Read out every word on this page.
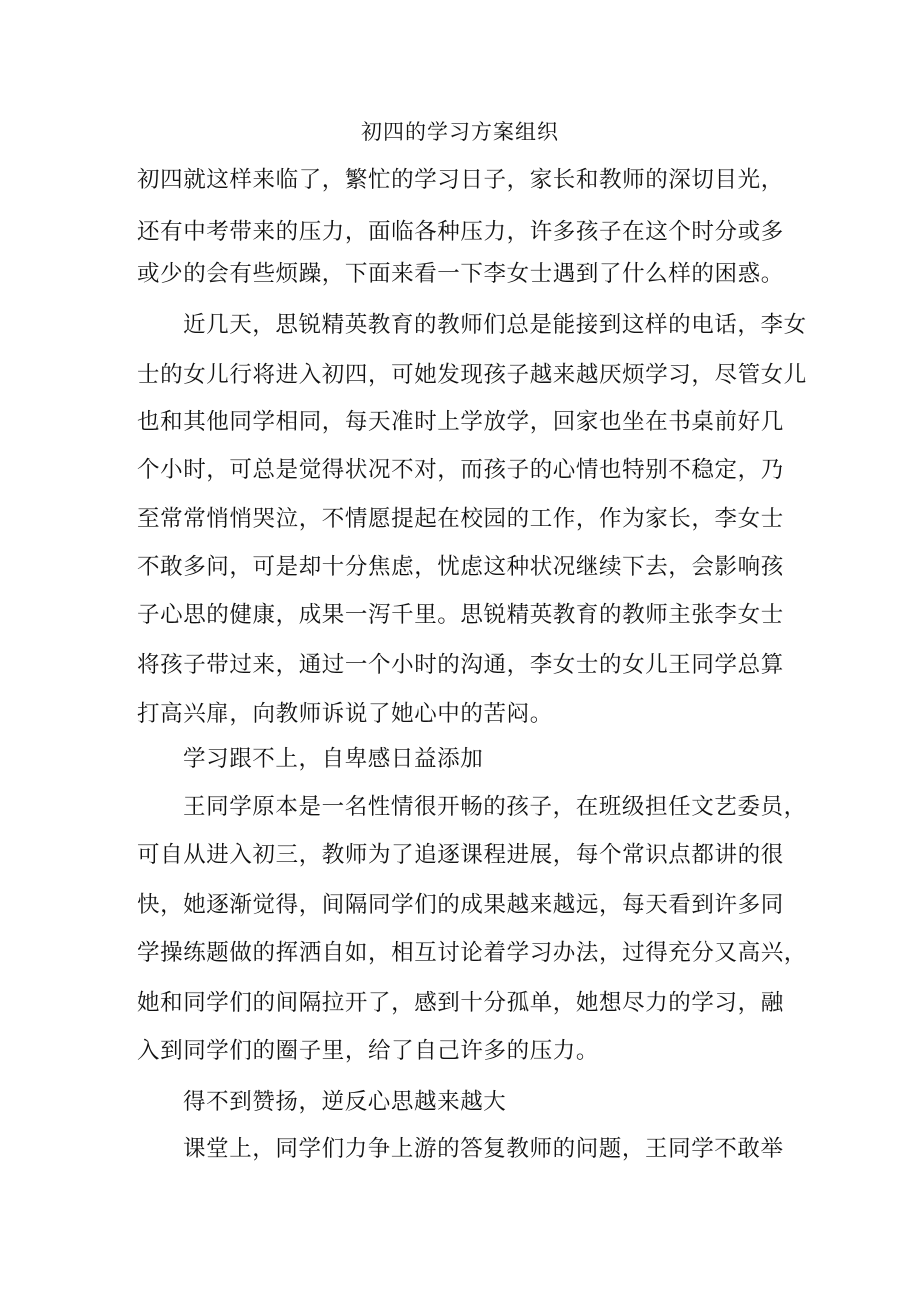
初四的学习方案组织

初四就这样来临了，繁忙的学习日子，家长和教师的深切目光，

还有中考带来的压力，面临各种压力，许多孩子在这个时分或多

或少的会有些烦躁，下面来看一下李女士遇到了什么样的困惑。

近几天，思锐精英教育的教师们总是能接到这样的电话，李女

士的女儿行将进入初四，可她发现孩子越来越厌烦学习，尽管女儿

也和其他同学相同，每天准时上学放学，回家也坐在书桌前好几

个小时，可总是觉得状况不对，而孩子的心情也特别不稳定，乃

至常常悄悄哭泣，不情愿提起在校园的工作，作为家长，李女士

不敢多问，可是却十分焦虑，忧虑这种状况继续下去，会影响孩

子心思的健康，成果一泻千里。思锐精英教育的教师主张李女士

将孩子带过来，通过一个小时的沟通，李女士的女儿王同学总算

打高兴扉，向教师诉说了她心中的苦闷。

学习跟不上，自卑感日益添加

王同学原本是一名性情很开畅的孩子，在班级担任文艺委员，

可自从进入初三，教师为了追逐课程进展，每个常识点都讲的很

快，她逐渐觉得，间隔同学们的成果越来越远，每天看到许多同

学操练题做的挥洒自如，相互讨论着学习办法，过得充分又高兴，

她和同学们的间隔拉开了，感到十分孤单，她想尽力的学习，融

入到同学们的圈子里，给了自己许多的压力。

得不到赞扬，逆反心思越来越大

课堂上，同学们力争上游的答复教师的问题，王同学不敢举
